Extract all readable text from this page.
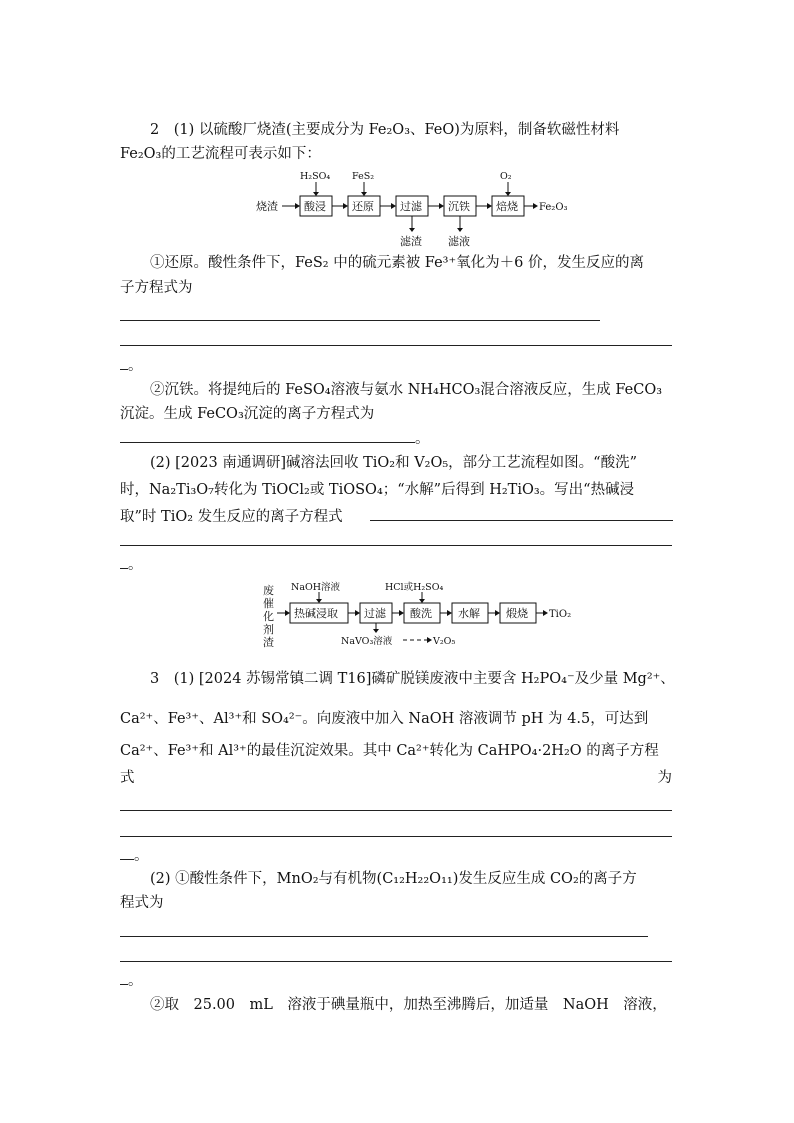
2　(1) 以硫酸厂烧渣(主要成分为 Fe₂O₃、FeO)为原料，制备软磁性材料
Fe₂O₃的工艺流程可表示如下：
烧渣 酸浸 还原 过滤 沉铁 焙烧 Fe₂O₃
H₂SO₄ FeS₂	O₂
滤渣 滤液
①还原。酸性条件下，FeS₂ 中的硫元素被 Fe³⁺氧化为＋6 价，发生反应的离
子方程式为
。
②沉铁。将提纯后的 FeSO₄溶液与氨水 NH₄HCO₃混合溶液反应，生成 FeCO₃
沉淀。生成 FeCO₃沉淀的离子方程式为
。
(2) [2023 南通调研]碱溶法回收 TiO₂和 V₂O₅，部分工艺流程如图。“酸洗”
时，Na₂Ti₃O₇转化为 TiOCl₂或 TiOSO₄；“水解”后得到 H₂TiO₃。写出“热碱浸
取”时 TiO₂ 发生反应的离子方程式
。
废
催
化
剂
渣
热碱浸取 过滤 酸洗 水解 煅烧 TiO₂
NaOH溶液	HCl或H₂SO₄
NaVO₃溶液	V₂O₅
3　(1) [2024 苏锡常镇二调 T16]磷矿脱镁废液中主要含 H₂PO₄⁻及少量 Mg²⁺、
Ca²⁺、Fe³⁺、Al³⁺和 SO₄²⁻。向废液中加入 NaOH 溶液调节 pH 为 4.5，可达到
Ca²⁺、Fe³⁺和 Al³⁺的最佳沉淀效果。其中 Ca²⁺转化为 CaHPO₄·2H₂O 的离子方程
式	为
。
(2) ①酸性条件下，MnO₂与有机物(C₁₂H₂₂O₁₁)发生反应生成 CO₂的离子方
程式为
。
②取　25.00　mL　溶液于碘量瓶中，加热至沸腾后，加适量　NaOH　溶液，
